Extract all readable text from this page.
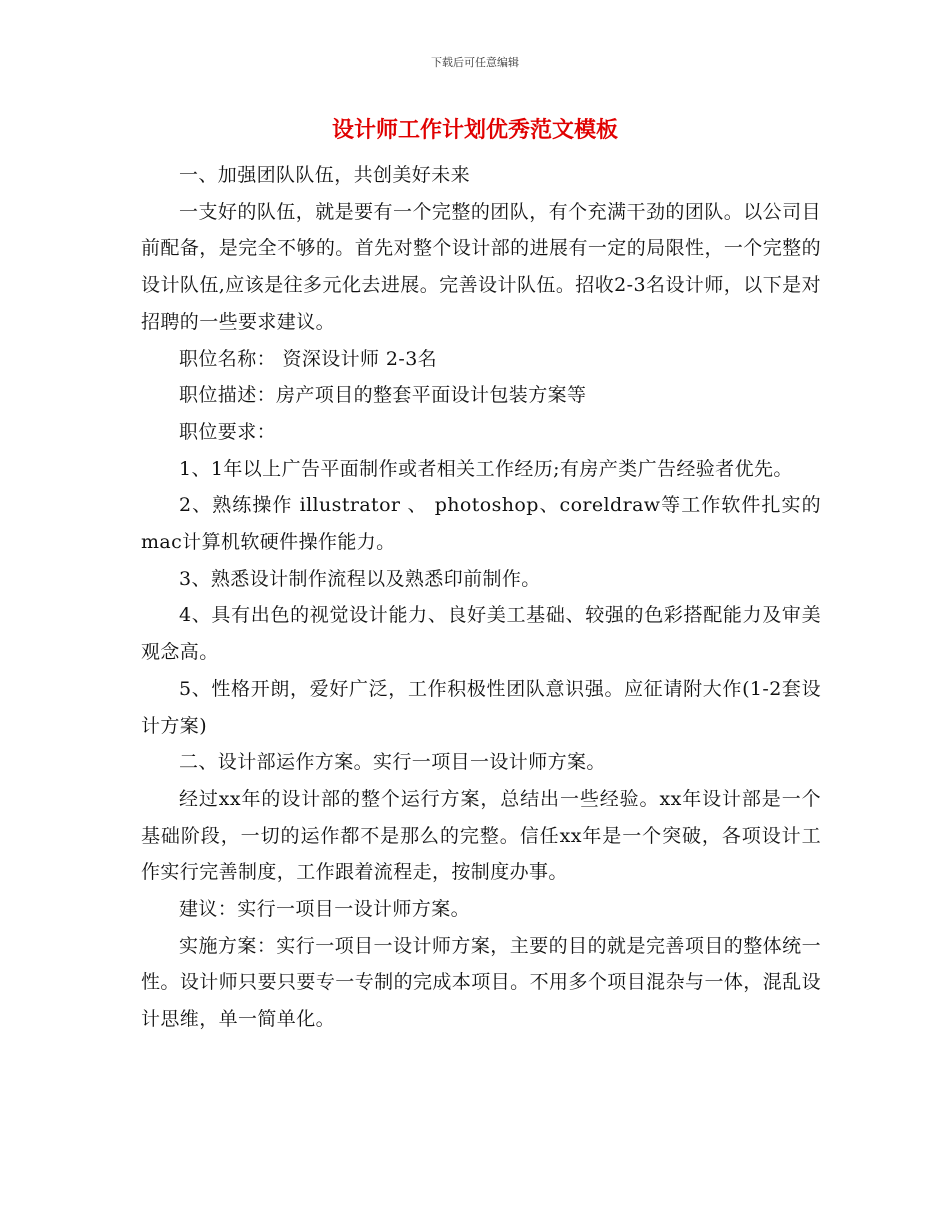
下载后可任意编辑
设计师工作计划优秀范文模板

一、加强团队队伍，共创美好未来

一支好的队伍，就是要有一个完整的团队，有个充满干劲的团队。以公司目前配备，是完全不够的。首先对整个设计部的进展有一定的局限性，一个完整的设计队伍,应该是往多元化去进展。完善设计队伍。招收2-3名设计师，以下是对招聘的一些要求建议。

职位名称： 资深设计师 2-3名

职位描述：房产项目的整套平面设计包装方案等

职位要求：

1、1年以上广告平面制作或者相关工作经历;有房产类广告经验者优先。

2、熟练操作 illustrator 、 photoshop、coreldraw等工作软件扎实的mac计算机软硬件操作能力。

3、熟悉设计制作流程以及熟悉印前制作。

4、具有出色的视觉设计能力、良好美工基础、较强的色彩搭配能力及审美观念高。

5、性格开朗，爱好广泛，工作积极性团队意识强。应征请附大作(1-2套设计方案)

二、设计部运作方案。实行一项目一设计师方案。

经过xx年的设计部的整个运行方案，总结出一些经验。xx年设计部是一个基础阶段，一切的运作都不是那么的完整。信任xx年是一个突破，各项设计工作实行完善制度，工作跟着流程走，按制度办事。

建议：实行一项目一设计师方案。

实施方案：实行一项目一设计师方案，主要的目的就是完善项目的整体统一性。设计师只要只要专一专制的完成本项目。不用多个项目混杂与一体，混乱设计思维，单一简单化。
